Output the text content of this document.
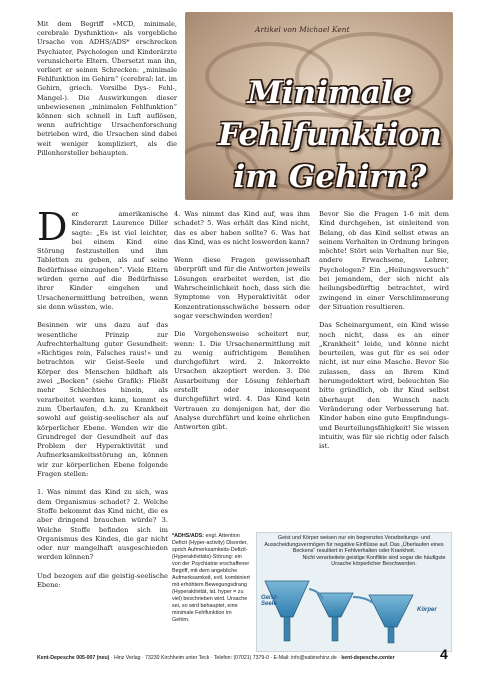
Mit dem Begriff »MCD, minimale, cerebrale Dysfunktion« als vorgebliche Ursache von ADHS/ADS* erschrecken Psychiater, Psychologen und Kinderärzte verunsicherte Eltern. Übersetzt man ihn, verliert er seinen Schrecken: „minimale Fehlfunktion im Gehirn“ (cerebral: lat. im Gehirn, griech. Vorsilbe Dys-: Fehl-, Mangel-). Die Auswirkungen dieser unbewiesenen „minimalen Fehlfunktion“ können sich schnell in Luft auflösen, wenn aufrichtige Ursachenforschung betrieben wird, die Ursachen sind dabei weit weniger kompliziert, als die Pillenhersteller behaupten.

Artikel von Michael Kent
Minimale
Fehlfunktion
im Gehirn?

Der amerikanische Kinderarzt Laurence Diller sagte: „Es ist viel leichter, bei einem Kind eine Störung festzustellen und ihm Tabletten zu geben, als auf seine Bedürfnisse einzugehen“. Viele Eltern würden gerne auf die Bedürfnisse ihrer Kinder eingehen und Ursachenermittlung betreiben, wenn sie denn wüssten, wie.

Besinnen wir uns dazu auf das wesentliche Prinzip zur Aufrechterhaltung guter Gesundheit: »Richtiges rein, Falsches raus!« und betrachten wir Geist-Seele und Körper des Menschen bildhaft als zwei „Becken“ (siehe Grafik): Fließt mehr Schlechtes hinein, als verarbeitet werden kann, kommt es zum Überlaufen, d.h. zu Krankheit sowohl auf geistig-seelischer als auf körperlicher Ebene. Wenden wir die Grundregel der Gesundheit auf das Problem der Hyperaktivität und Aufmerksamkeitsstörung an, können wir zur körperlichen Ebene folgende Fragen stellen:

1. Was nimmt das Kind zu sich, was dem Organismus schadet? 2. Welche Stoffe bekommt das Kind nicht, die es aber dringend brauchen würde? 3. Welche Stoffe befinden sich im Organismus des Kindes, die gar nicht oder nur mangelhaft ausgeschieden werden können?

Und bezogen auf die geistig-seelische Ebene:

4. Was nimmt das Kind auf, was ihm schadet? 5. Was erhält das Kind nicht, das es aber haben sollte? 6. Was hat das Kind, was es nicht loswerden kann?

Wenn diese Fragen gewissenhaft überprüft und für die Antworten jeweils Lösungen erarbeitet werden, ist die Wahrscheinlichkeit hoch, dass sich die Symptome von Hyperaktivität oder Konzentrationsschwäche bessern oder sogar verschwinden werden!

Die Vorgehensweise scheitert nur, wenn: 1. Die Ursachenermittlung mit zu wenig aufrichtigem Bemühen durchgeführt wird. 2. Inkorrekte Ursachen akzeptiert werden. 3. Die Ausarbeitung der Lösung fehlerhaft erstellt oder inkonsequent durchgeführt wird. 4. Das Kind kein Vertrauen zu demjenigen hat, der die Analyse durchführt und keine ehrlichen Antworten gibt.

Bevor Sie die Fragen 1-6 mit dem Kind durchgehen, ist einleitend von Belang, ob das Kind selbst etwas an seinem Verhalten in Ordnung bringen möchte! Stört sein Verhalten nur Sie, andere Erwachsene, Lehrer, Psychologen? Ein „Heilungsversuch“ bei jemandem, der sich nicht als heilungsbedürftig betrachtet, wird zwingend in einer Verschlimmerung der Situation resultieren.

Das Scheinargument, ein Kind wisse noch nicht, dass es an einer „Krankheit“ leide, und könne nicht beurteilen, was gut für es sei oder nicht, ist nur eine Masche. Bevor Sie zulassen, dass an Ihrem Kind herumgedoktert wird, beleuchten Sie bitte gründlich, ob ihr Kind selbst überhaupt den Wunsch nach Veränderung oder Verbesserung hat. Kinder haben eine gute Empfindungs- und Beurteilungsfähigkeit! Sie wissen intuitiv, was für sie richtig oder falsch ist.

*ADHS/ADS: engl. Attention Deficit (Hyper-activity) Disorder, sprich Aufmerksamkeits-Defizit-(Hyperaktivitäts)-Störung: ein von der Psychiatrie erschaffener Begriff, mit dem angebliche Aufmerksamkeit, evtl. kombiniert mit erhöhtem Bewegungsdrang (Hyperaktivität, lat. hyper = zu viel) beschrieben wird. Ursache sei, so wird behauptet, eine minimale Fehlfunktion im Gehirn.
Geist und Körper weisen nur ein begrenztes Verarbeitungs- und Ausscheidungsvermögen für negative Einflüsse auf. Das „Überlaufen eines Beckens“ resultiert in Fehlverhalten oder Krankheit.
Nicht verarbeitete geistige Konflikte sind sogar die häufigste Ursache körperlicher Beschwerden.
Geist-Seele
Körper
Kent-Depesche 005-007 (neu) · Hinz Verlag · 73230 Kirchheim unter Teck · Telefon: (07021) 7379-0 · E-Mail: info@sabinehinz.de · kent-depesche.center	4
